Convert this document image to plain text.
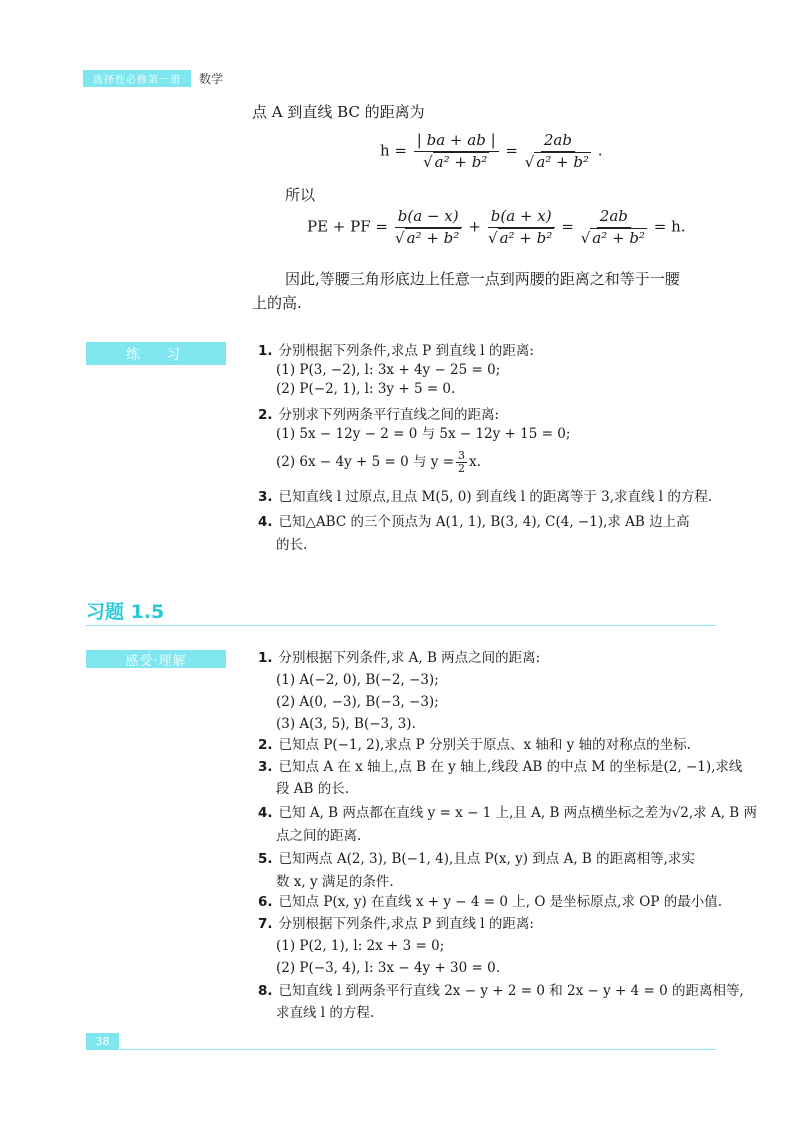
选择性必修第一册	数学
点 A 到直线 BC 的距离为
h = | ba + ab |
√ a² + b² = 2ab
√ a² + b² .
所以
PE + PF = b(a − x)
√ a² + b² + b(a + x)
√ a² + b² = 2ab
√ a² + b² = h.
因此,等腰三角形底边上任意一点到两腰的距离之和等于一腰
上的高.
练　习	1. 分别根据下列条件,求点 P 到直线 l 的距离:
(1) P(3, −2), l: 3x + 4y − 25 = 0;
(2) P(−2, 1), l: 3y + 5 = 0.
2. 分别求下列两条平行直线之间的距离:
(1) 5x − 12y − 2 = 0 与 5x − 12y + 15 = 0;
(2) 6x − 4y + 5 = 0 与 $y = \frac{3}{2} x$.
3. 已知直线 l 过原点,且点 M(5, 0) 到直线 l 的距离等于 3,求直线 l 的方程.
4. 已知△ABC 的三个顶点为 A(1, 1), B(3, 4), C(4, −1),求 AB 边上高
的长.
习题 1.5
感受·理解	1. 分别根据下列条件,求 A, B 两点之间的距离:
(1) A(−2, 0), B(−2, −3);
(2) A(0, −3), B(−3, −3);
(3) A(3, 5), B(−3, 3).
2. 已知点 P(−1, 2),求点 P 分别关于原点、x 轴和 y 轴的对称点的坐标.
3. 已知点 A 在 x 轴上,点 B 在 y 轴上,线段 AB 的中点 M 的坐标是(2, −1),求线
段 AB 的长.
4. 已知 A, B 两点都在直线 y = x − 1 上,且 A, B 两点横坐标之差为√2,求 A, B 两
点之间的距离.
5. 已知两点 A(2, 3), B(−1, 4),且点 P(x, y) 到点 A, B 的距离相等,求实
数 x, y 满足的条件.
6. 已知点 P(x, y) 在直线 x + y − 4 = 0 上, O 是坐标原点,求 OP 的最小值.
7. 分别根据下列条件,求点 P 到直线 l 的距离:
(1) P(2, 1), l: 2x + 3 = 0;
(2) P(−3, 4), l: 3x − 4y + 30 = 0.
8. 已知直线 l 到两条平行直线 2x − y + 2 = 0 和 2x − y + 4 = 0 的距离相等,
求直线 l 的方程.
38
